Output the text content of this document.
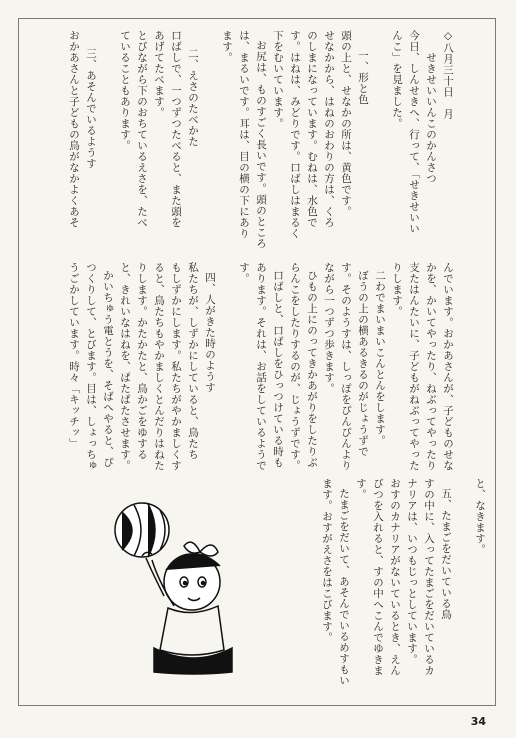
◇八月三十日　月
せきせいいんこのかんさつ
今日、しんせきへ、行って、「せきせいい
んこ」を見ました。
一、形と色
頭の上と、せなかの所は、黄色です。
せなかから、はねのおわりの方は、くろ
のしまになっています。むねは、水色で
す。はねは、みどりです。口ばしはまるく
下をむいています。
お尻は、ものすごく長いです。頭のところ
は、まるいです。耳は、目の横の下にあり
ます。
二、えさのたべかた
口ばしで、一つずつたべると、また頭を
あげてたべます。
とびながら下のおちているえさを、たべ
ていることもあります。
三、あそんでいるようす
おかあさんと子どもの鳥がなかよくあそ
んでいます。おかあさんが、子どものせな
かを、かいてやったり、ねぶってやったり
支たはんたいに、子どもがねぶってやった
りします。
二わでまいまいこんとんをします。
ぼうの上の横あるきるのがじょうずで
す。そのようすは、しっぽをぴんぴんより
ながら一つずつ歩きます。
ひもの上にのってきかあがりをしたりぶ
らんこをしたりするのが、じょうずです。
口ばしと、口ばしをひっつけている時も
あります。それは、お話をしているようで
す。
四、人がきた時のようす
私たちが、しずかにしていると、鳥たち
もしずかにします。私たちがやかましくす
ると、鳥たちもやかましくとんだりはねた
りします。かたかたと、鳥かごをゆする
と、きれいなはねを、ぱたぱたさせます。
かいちゅう電とうを、そばへやると、ぴ
つくりして、とびます。目は、しょっちゅ
うごかしています。時々「キッチッ」
と、なきます。
五、たまごをだいている鳥
すの中に、入ってたまごをだいているカ
ナリアは、いつもじっとしています。
おすのカナリアがないているとき、えん
びつを入れると、すの中へこんでゆきま
す。
たまごをだいて、あそんでいるめすもい
ます。おすがえさをはこびます。
34
